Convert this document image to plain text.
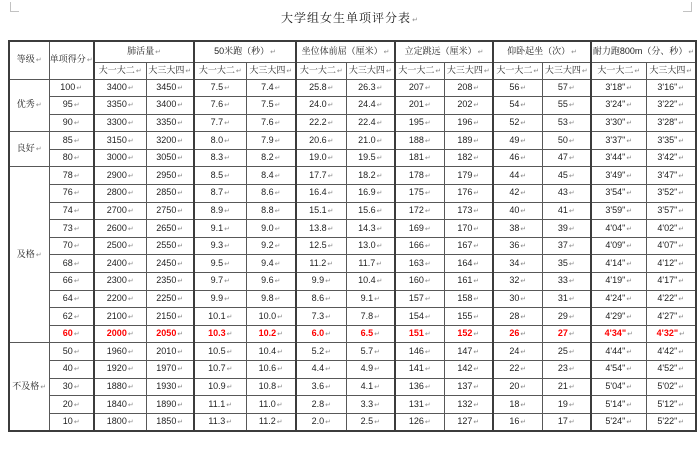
大学组女生单项评分表↵
等级↵	单项得分↵	肺活量↵		50米跑（秒）↵		坐位体前屈（厘米）↵		立定跳远（厘米）↵		仰卧起坐（次）↵		耐力跑800m（分、秒）↵	
		大一大二↵	大三大四↵	大一大二↵	大三大四↵	大一大二↵	大三大四↵	大一大二↵	大三大四↵	大一大二↵	大三大四↵	大一大二↵	大三大四↵
优秀↵	100↵	3400↵	3450↵	7.5↵	7.4↵	25.8↵	26.3↵	207↵	208↵	56↵	57↵	3'18"↵	3'16"↵
	95↵	3350↵	3400↵	7.6↵	7.5↵	24.0↵	24.4↵	201↵	202↵	54↵	55↵	3'24"↵	3'22"↵
	90↵	3300↵	3350↵	7.7↵	7.6↵	22.2↵	22.4↵	195↵	196↵	52↵	53↵	3'30"↵	3'28"↵
良好↵	85↵	3150↵	3200↵	8.0↵	7.9↵	20.6↵	21.0↵	188↵	189↵	49↵	50↵	3'37"↵	3'35"↵
	80↵	3000↵	3050↵	8.3↵	8.2↵	19.0↵	19.5↵	181↵	182↵	46↵	47↵	3'44"↵	3'42"↵
及格↵	78↵	2900↵	2950↵	8.5↵	8.4↵	17.7↵	18.2↵	178↵	179↵	44↵	45↵	3'49"↵	3'47"↵
	76↵	2800↵	2850↵	8.7↵	8.6↵	16.4↵	16.9↵	175↵	176↵	42↵	43↵	3'54"↵	3'52"↵
	74↵	2700↵	2750↵	8.9↵	8.8↵	15.1↵	15.6↵	172↵	173↵	40↵	41↵	3'59"↵	3'57"↵
	73↵	2600↵	2650↵	9.1↵	9.0↵	13.8↵	14.3↵	169↵	170↵	38↵	39↵	4'04"↵	4'02"↵
	70↵	2500↵	2550↵	9.3↵	9.2↵	12.5↵	13.0↵	166↵	167↵	36↵	37↵	4'09"↵	4'07"↵
	68↵	2400↵	2450↵	9.5↵	9.4↵	11.2↵	11.7↵	163↵	164↵	34↵	35↵	4'14"↵	4'12"↵
	66↵	2300↵	2350↵	9.7↵	9.6↵	9.9↵	10.4↵	160↵	161↵	32↵	33↵	4'19"↵	4'17"↵
	64↵	2200↵	2250↵	9.9↵	9.8↵	8.6↵	9.1↵	157↵	158↵	30↵	31↵	4'24"↵	4'22"↵
	62↵	2100↵	2150↵	10.1↵	10.0↵	7.3↵	7.8↵	154↵	155↵	28↵	29↵	4'29"↵	4'27"↵
	60↵	2000↵	2050↵	10.3↵	10.2↵	6.0↵	6.5↵	151↵	152↵	26↵	27↵	4'34"↵	4'32"↵
不及格↵	50↵	1960↵	2010↵	10.5↵	10.4↵	5.2↵	5.7↵	146↵	147↵	24↵	25↵	4'44"↵	4'42"↵
	40↵	1920↵	1970↵	10.7↵	10.6↵	4.4↵	4.9↵	141↵	142↵	22↵	23↵	4'54"↵	4'52"↵
	30↵	1880↵	1930↵	10.9↵	10.8↵	3.6↵	4.1↵	136↵	137↵	20↵	21↵	5'04"↵	5'02"↵
	20↵	1840↵	1890↵	11.1↵	11.0↵	2.8↵	3.3↵	131↵	132↵	18↵	19↵	5'14"↵	5'12"↵
	10↵	1800↵	1850↵	11.3↵	11.2↵	2.0↵	2.5↵	126↵	127↵	16↵	17↵	5'24"↵	5'22"↵
